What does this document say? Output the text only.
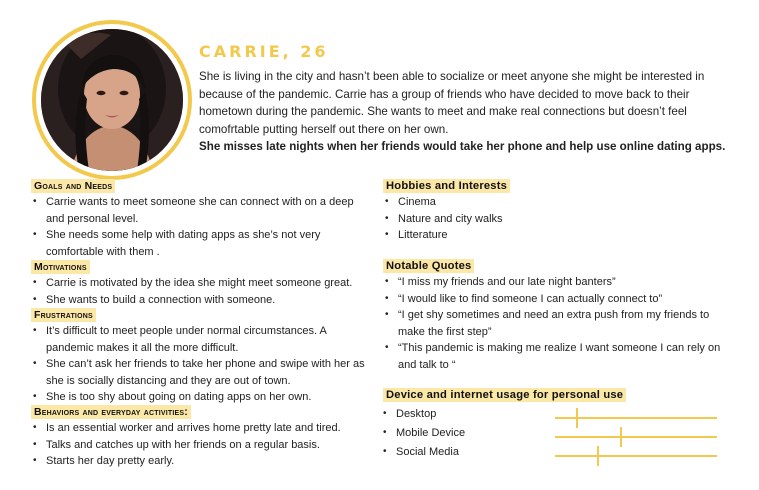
CARRIE, 26
She is living in the city and hasn’t been able to socialize or meet anyone she might be interested in because of the pandemic. Carrie has a group of friends who have decided to move back to their hometown during the pandemic. She wants to meet and make real connections but doesn’t feel comofrtable putting herself out there on her own.
She misses late nights when her friends would take her phone and help use online dating apps.
Goals and Needs
• Carrie wants to meet someone she can connect with on a deep and personal level.
• She needs some help with dating apps as she’s not very comfortable with them .
Motivations
• Carrie is motivated by the idea she might meet someone great.
• She wants to build a connection with someone.
Frustrations
• It’s difficult to meet people under normal circumstances. A pandemic makes it all the more difficult.
• She can’t ask her friends to take her phone and swipe with her as she is socially distancing and they are out of town.
• She is too shy about going on dating apps on her own.
Behaviors and everyday activities:
• Is an essential worker and arrives home pretty late and tired.
• Talks and catches up with her friends on a regular basis.
• Starts her day pretty early.
Hobbies and Interests
• Cinema
• Nature and city walks
• Litterature
Notable Quotes
• “I miss my friends and our late night banters”
• “I would like to find someone I can actually connect to”
• “I get shy sometimes and need an extra push from my friends to make the first step”
• “This pandemic is making me realize I want someone I can rely on and talk to “
Device and internet usage for personal use
• Desktop
• Mobile Device
• Social Media
